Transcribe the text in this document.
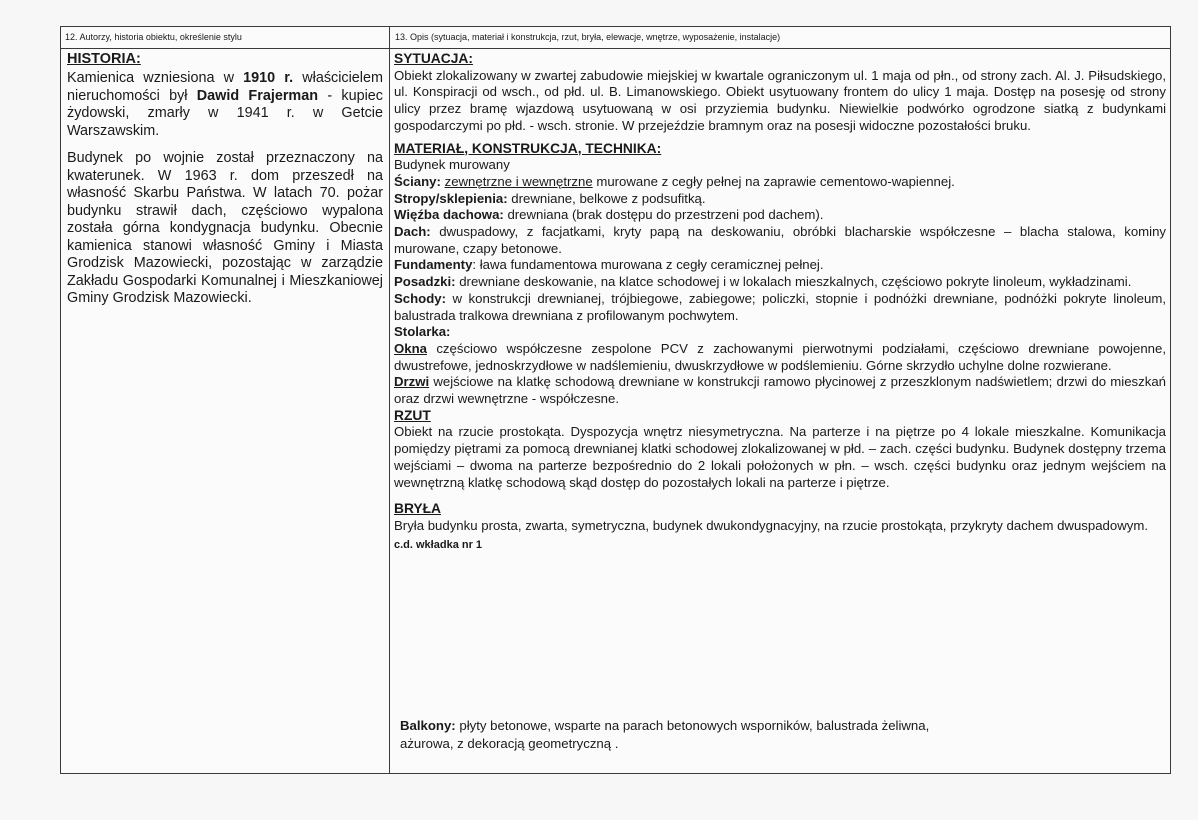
12. Autorzy, historia obiektu, określenie stylu	13. Opis (sytuacja, materiał i konstrukcja, rzut, bryła, elewacje, wnętrze, wyposażenie, instalacje)
HISTORIA:

Kamienica wzniesiona w 1910 r. właścicielem nieruchomości był Dawid Frajerman - kupiec żydowski, zmarły w 1941 r. w Getcie Warszawskim.

Budynek po wojnie został przeznaczony na kwaterunek. W 1963 r. dom przeszedł na własność Skarbu Państwa. W latach 70. pożar budynku strawił dach, częściowo wypalona została górna kondygnacja budynku. Obecnie kamienica stanowi własność Gminy i Miasta Grodzisk Mazowiecki, pozostając w zarządzie Zakładu Gospodarki Komunalnej i Mieszkaniowej Gminy Grodzisk Mazowiecki.

SYTUACJA:

Obiekt zlokalizowany w zwartej zabudowie miejskiej w kwartale ograniczonym ul. 1 maja od płn., od strony zach. Al. J. Piłsudskiego, ul. Konspiracji od wsch., od płd. ul. B. Limanowskiego. Obiekt usytuowany frontem do ulicy 1 maja. Dostęp na posesję od strony ulicy przez bramę wjazdową usytuowaną w osi przyziemia budynku. Niewielkie podwórko ogrodzone siatką z budynkami gospodarczymi po płd. - wsch. stronie. W przejeździe bramnym oraz na posesji widoczne pozostałości bruku.

MATERIAŁ, KONSTRUKCJA, TECHNIKA:

Budynek murowany

Ściany: zewnętrzne i wewnętrzne murowane z cegły pełnej na zaprawie cementowo-wapiennej.

Stropy/sklepienia: drewniane, belkowe z podsufitką.

Więźba dachowa: drewniana (brak dostępu do przestrzeni pod dachem).

Dach: dwuspadowy, z facjatkami, kryty papą na deskowaniu, obróbki blacharskie współczesne – blacha stalowa, kominy murowane, czapy betonowe.

Fundamenty: ława fundamentowa murowana z cegły ceramicznej pełnej.

Posadzki: drewniane deskowanie, na klatce schodowej i w lokalach mieszkalnych, częściowo pokryte linoleum, wykładzinami.

Schody: w konstrukcji drewnianej, trójbiegowe, zabiegowe; policzki, stopnie i podnóżki drewniane, podnóżki pokryte linoleum, balustrada tralkowa drewniana z profilowanym pochwytem.

Stolarka:

Okna częściowo współczesne zespolone PCV z zachowanymi pierwotnymi podziałami, częściowo drewniane powojenne, dwustrefowe, jednoskrzydłowe w nadślemieniu, dwuskrzydłowe w podślemieniu. Górne skrzydło uchylne dolne rozwierane.

Drzwi wejściowe na klatkę schodową drewniane w konstrukcji ramowo płycinowej z przeszklonym nadświetlem; drzwi do mieszkań oraz drzwi wewnętrzne - współczesne.

RZUT

Obiekt na rzucie prostokąta. Dyspozycja wnętrz niesymetryczna. Na parterze i na piętrze po 4 lokale mieszkalne. Komunikacja pomiędzy piętrami za pomocą drewnianej klatki schodowej zlokalizowanej w płd. – zach. części budynku. Budynek dostępny trzema wejściami – dwoma na parterze bezpośrednio do 2 lokali położonych w płn. – wsch. części budynku oraz jednym wejściem na wewnętrzną klatkę schodową skąd dostęp do pozostałych lokali na parterze i piętrze.

BRYŁA

Bryła budynku prosta, zwarta, symetryczna, budynek dwukondygnacyjny, na rzucie prostokąta, przykryty dachem dwuspadowym.

c.d. wkładka nr 1

Balkony: płyty betonowe, wsparte na parach betonowych wsporników, balustrada żeliwna,

ażurowa, z dekoracją geometryczną .
